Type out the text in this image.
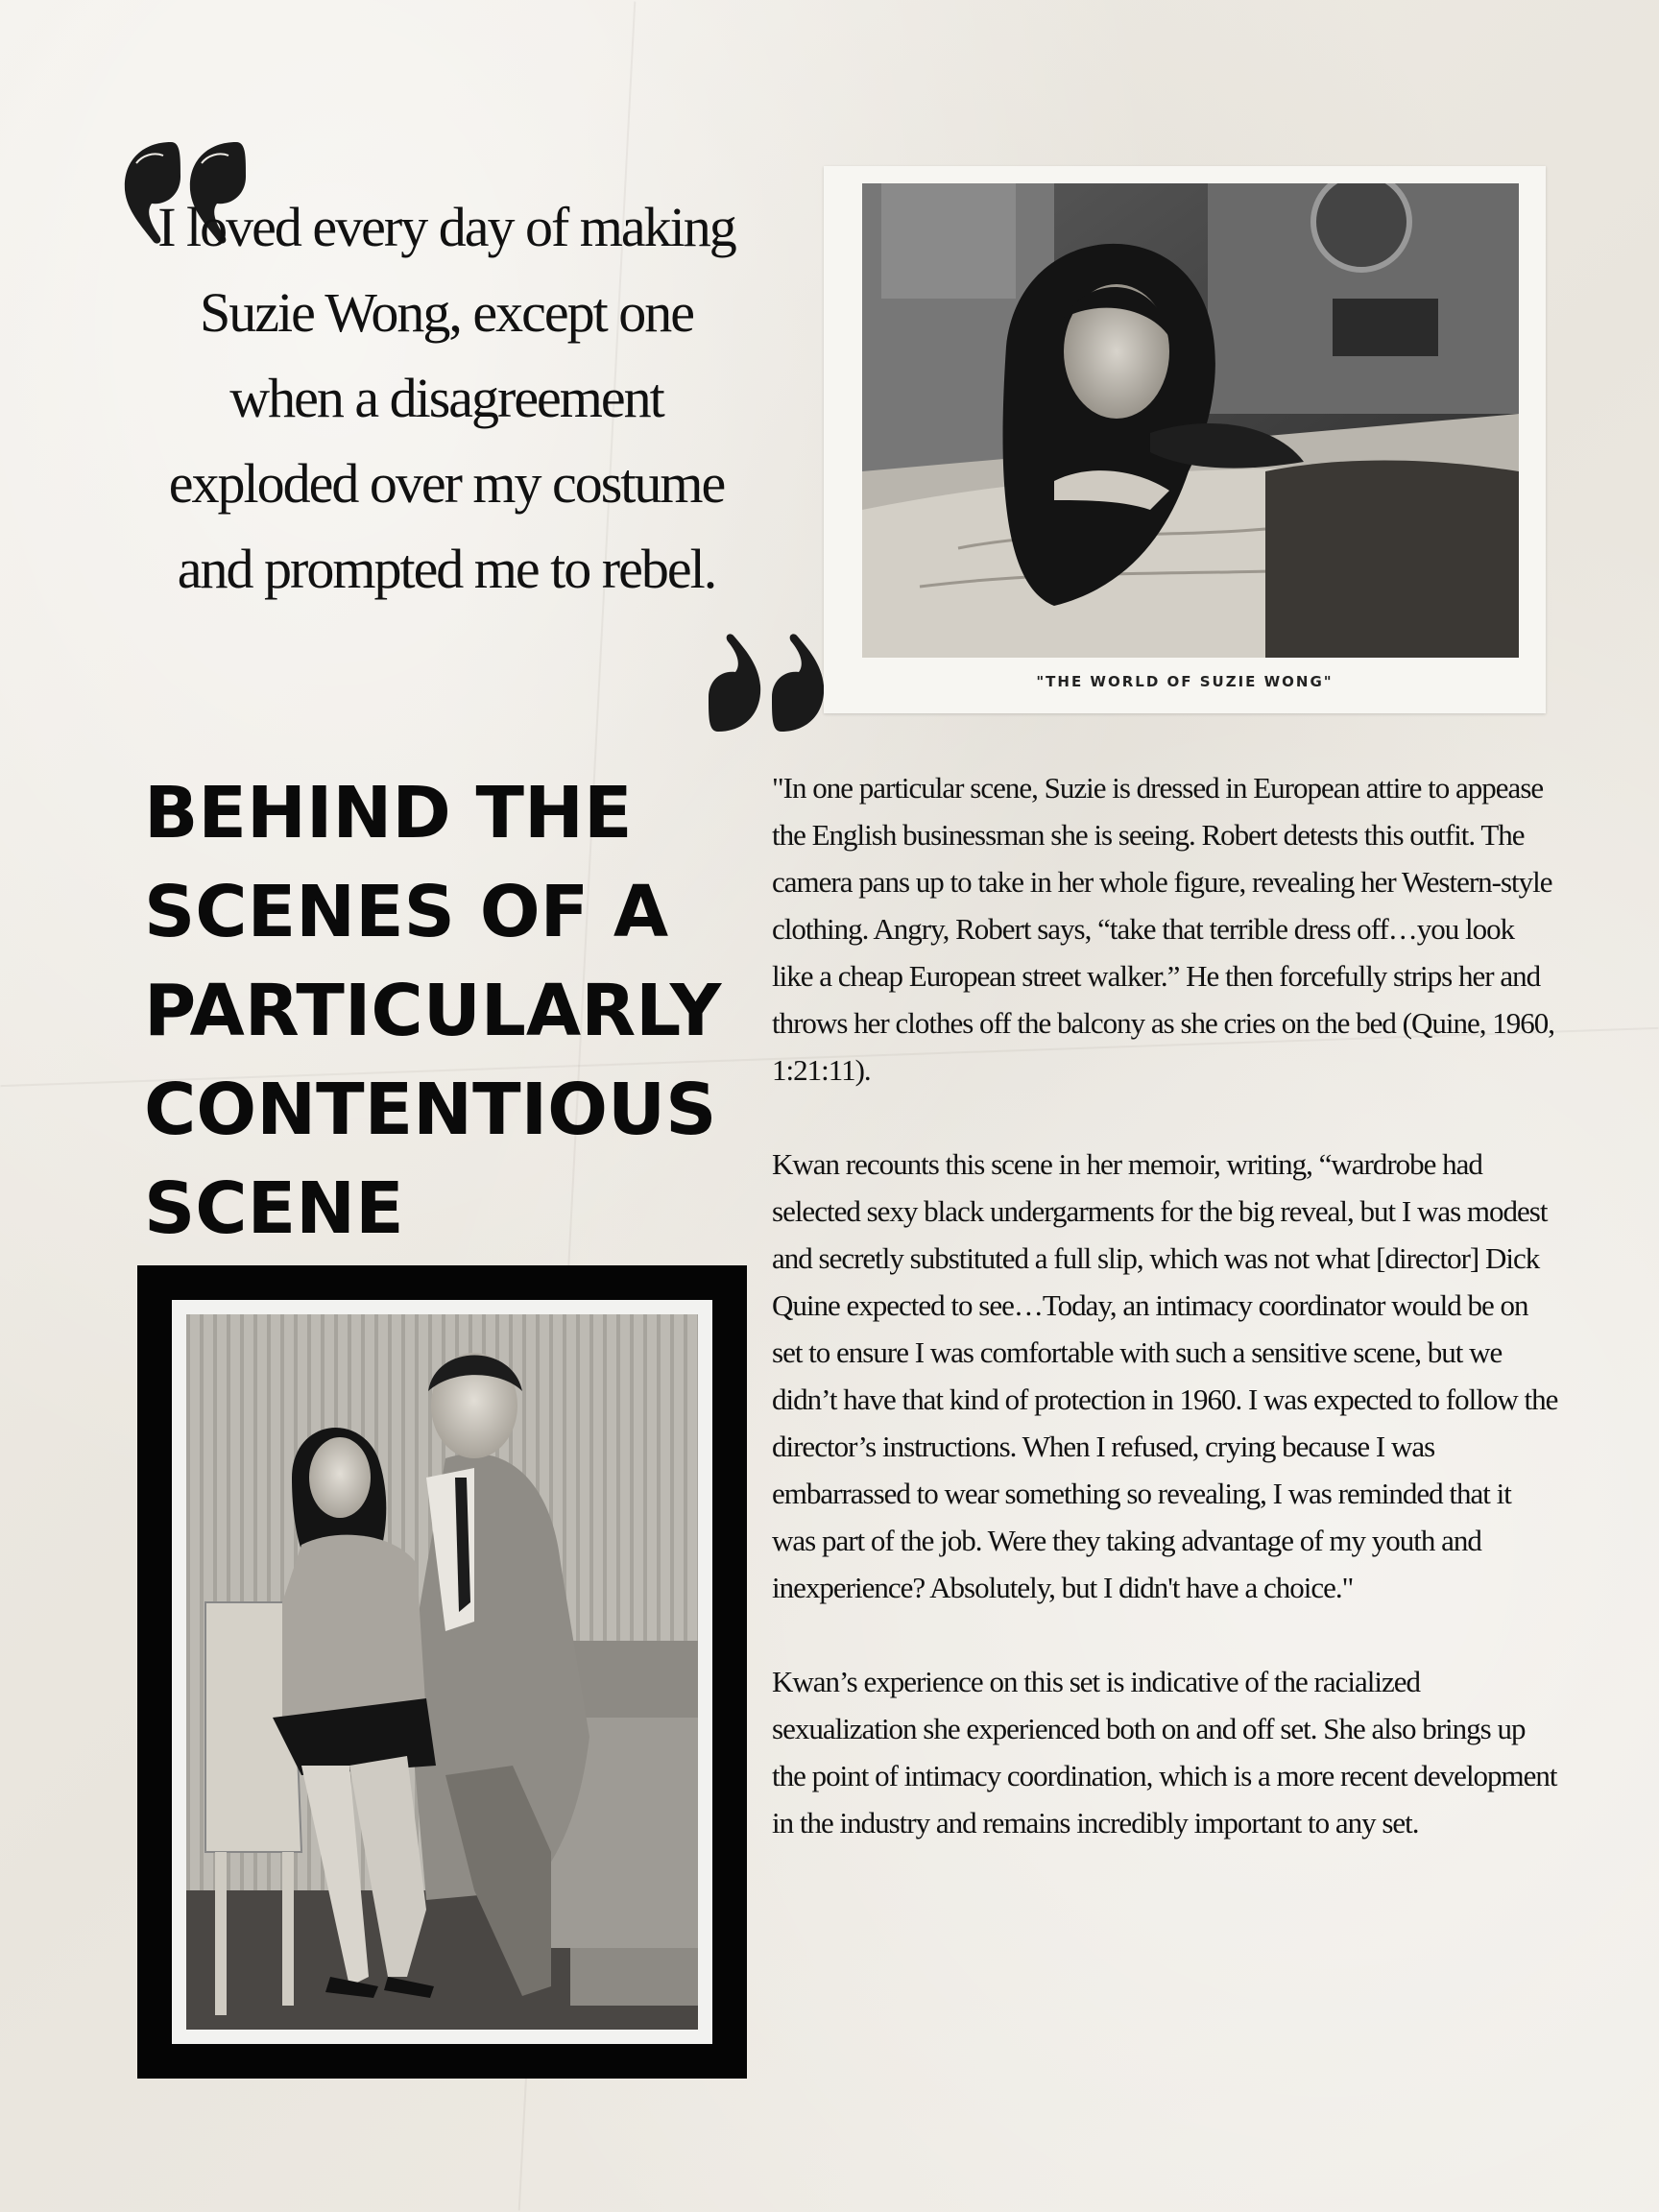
I loved every day of making Suzie Wong, except one when a disagreement exploded over my costume and prompted me to rebel.

"THE WORLD OF SUZIE WONG"

BEHIND THE
SCENES OF A
PARTICULARLY
CONTENTIOUS
SCENE

"In one particular scene, Suzie is dressed in European attire to appease the English businessman she is seeing. Robert detests this outfit. The camera pans up to take in her whole figure, revealing her Western-style clothing. Angry, Robert says, “take that terrible dress off…you look like a cheap European street walker.” He then forcefully strips her and throws her clothes off the balcony as she cries on the bed (Quine, 1960, 1:21:11).

Kwan recounts this scene in her memoir, writing, “wardrobe had selected sexy black undergarments for the big reveal, but I was modest and secretly substituted a full slip, which was not what [director] Dick Quine expected to see…Today, an intimacy coordinator would be on set to ensure I was comfortable with such a sensitive scene, but we didn’t have that kind of protection in 1960. I was expected to follow the director’s instructions. When I refused, crying because I was embarrassed to wear something so revealing, I was reminded that it was part of the job. Were they taking advantage of my youth and inexperience? Absolutely, but I didn't have a choice."

Kwan’s experience on this set is indicative of the racialized sexualization she experienced both on and off set. She also brings up the point of intimacy coordination, which is a more recent development in the industry and remains incredibly important to any set.
